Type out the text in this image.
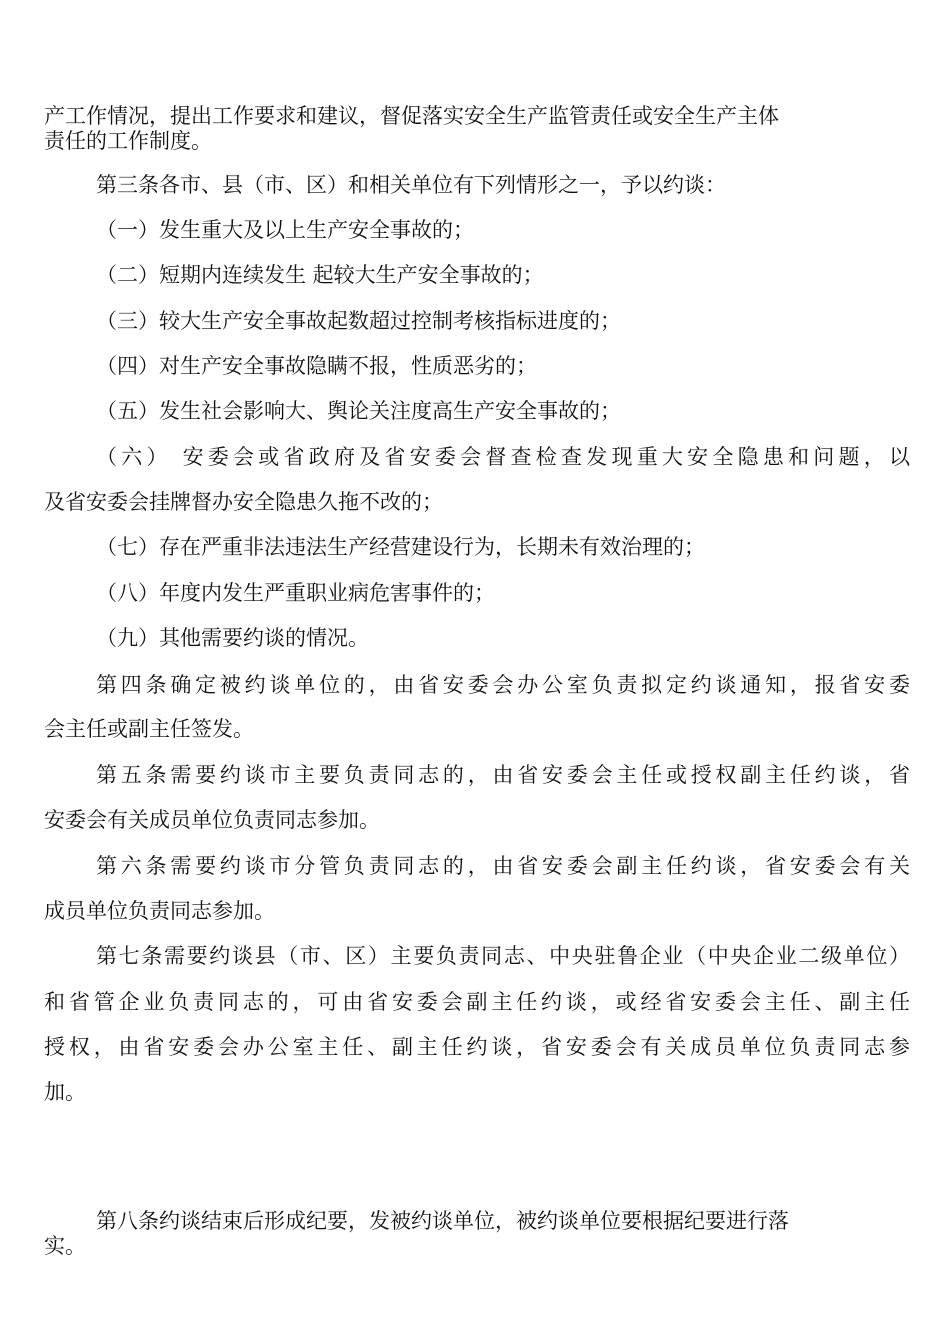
产工作情况，提出工作要求和建议，督促落实安全生产监管责任或安全生产主体

责任的工作制度。

第三条各市、县（市、区）和相关单位有下列情形之一，予以约谈：

（一）发生重大及以上生产安全事故的；

（二）短期内连续发生 起较大生产安全事故的；

（三）较大生产安全事故起数超过控制考核指标进度的；

（四）对生产安全事故隐瞒不报，性质恶劣的；

（五）发生社会影响大、舆论关注度高生产安全事故的；

（六） 安委会或省政府及省安委会督查检查发现重大安全隐患和问题，以

及省安委会挂牌督办安全隐患久拖不改的；

（七）存在严重非法违法生产经营建设行为，长期未有效治理的；

（八）年度内发生严重职业病危害事件的；

（九）其他需要约谈的情况。

第四条确定被约谈单位的，由省安委会办公室负责拟定约谈通知，报省安委

会主任或副主任签发。

第五条需要约谈市主要负责同志的，由省安委会主任或授权副主任约谈，省

安委会有关成员单位负责同志参加。

第六条需要约谈市分管负责同志的，由省安委会副主任约谈，省安委会有关

成员单位负责同志参加。

第七条需要约谈县（市、区）主要负责同志、中央驻鲁企业（中央企业二级单位）

和省管企业负责同志的，可由省安委会副主任约谈，或经省安委会主任、副主任

授权，由省安委会办公室主任、副主任约谈，省安委会有关成员单位负责同志参

加。

第八条约谈结束后形成纪要，发被约谈单位，被约谈单位要根据纪要进行落

实。
